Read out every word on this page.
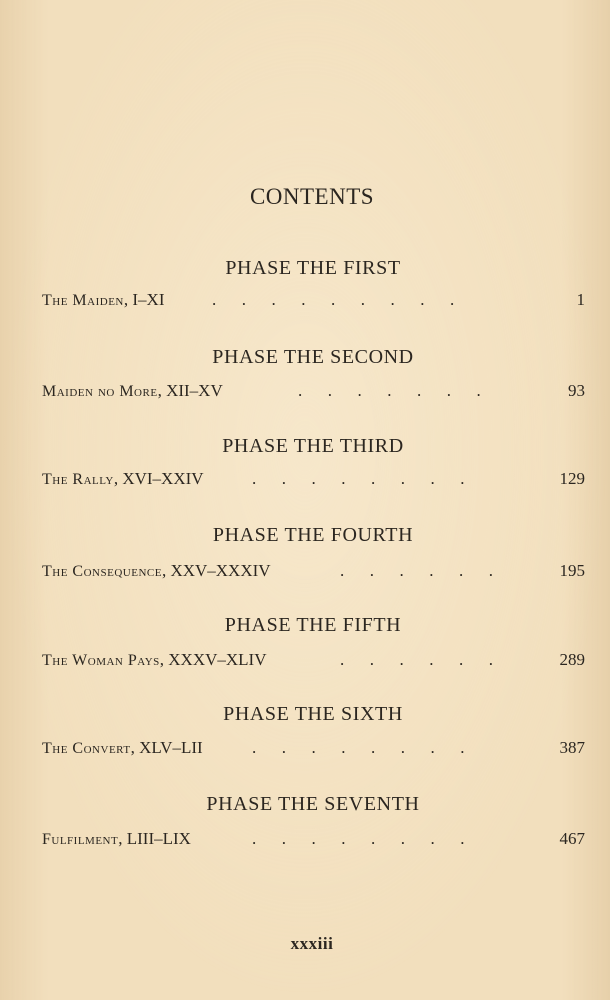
CONTENTS
PHASE THE FIRST
The Maiden, I–XI	.  .  .  .  .  .  .  .  .	1
PHASE THE SECOND
Maiden no More, XII–XV	.  .  .  .  .  .  .	93
PHASE THE THIRD
The Rally, XVI–XXIV	.  .  .  .  .  .  .  .	129
PHASE THE FOURTH
The Consequence, XXV–XXXIV	.  .  .  .  .  .	195
PHASE THE FIFTH
The Woman Pays, XXXV–XLIV	.  .  .  .  .  .	289
PHASE THE SIXTH
The Convert, XLV–LII	.  .  .  .  .  .  .  .	387
PHASE THE SEVENTH
Fulfilment, LIII–LIX	.  .  .  .  .  .  .  .	467
xxxiii
